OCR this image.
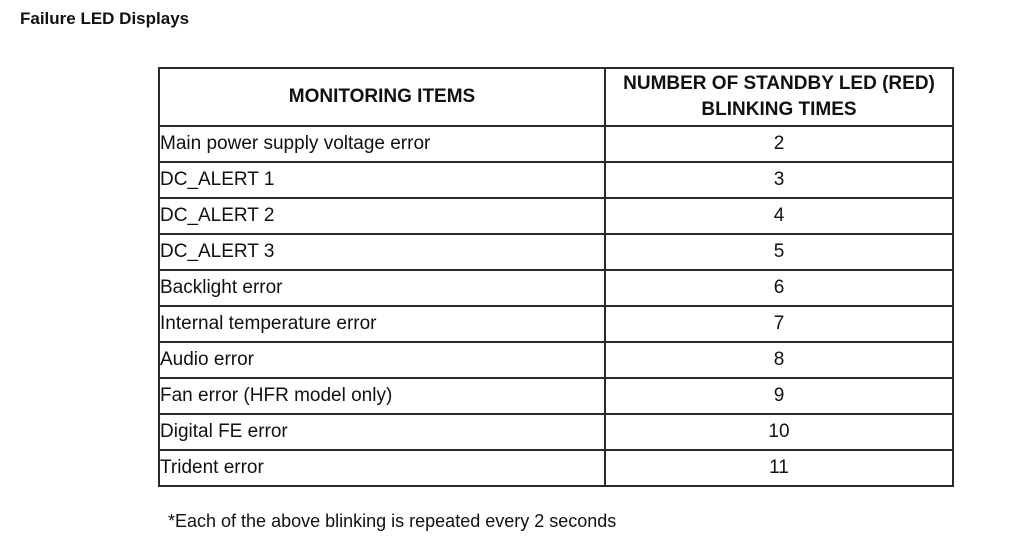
Failure LED Displays
MONITORING ITEMS	NUMBER OF STANDBY LED (RED) BLINKING TIMES
Main power supply voltage error	2
DC_ALERT 1	3
DC_ALERT 2	4
DC_ALERT 3	5
Backlight error	6
Internal temperature error	7
Audio error	8
Fan error (HFR model only)	9
Digital FE error	10
Trident error	11

*Each of the above blinking is repeated every 2 seconds
